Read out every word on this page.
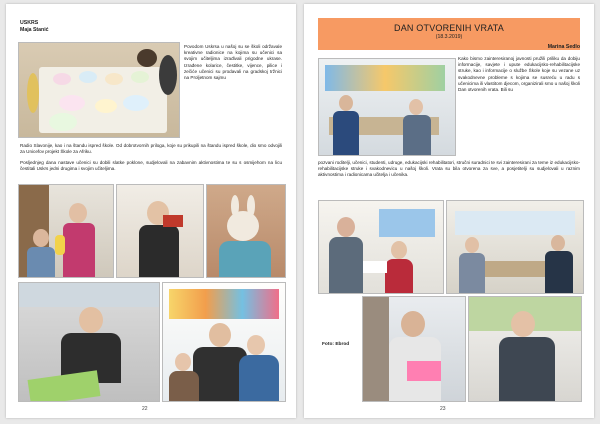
USKRS
Maja Stanić
Povodom Uskrsa u našoj su se školi održavale kreativne radionice na kojima su učenici sa svojim učiteljima izrađivali prigodne ukrase. Izrađene kolarice, čestitke, vijence, pilice i zečiće učenici su prodavali na gradskoj tržnici na Proljetnom sajmu
Radio Slavonije, kao i na štandu ispred škole. Od dobrotvornih priloga, koje su prikupili na štandu ispred škole, dio smo odvojili za Unicefov projekt Škole za Afriku.
Posljednjeg dana nastave učenici su dobili slatke poklone, sudjelovali na zabavnim aktivnostima te su s osmijehom na licu čestitali Uskrs jedni drugima i svojim učiteljima.
22
DAN OTVORENIH VRATA
(18.3.2019)
Marina Sedlo
Kako bismo zainteresiranoj javnosti pružili priliku da dobiju informacije, savjete i upute edukacijsko-rehabilitacijske struke, kao i informacije o službe Škole koje su vezane uz svakodnevne probleme s kojima se susreću u radu s učenicima ili vlastitom djecom, organizirali smo u našoj školi Dan otvorenih vrata. Bili su
pozvani roditelji, učenici, studenti, udruge, edukacijski rehabilitatori, stručni suradnici te svi zainteresirani za teme iz edukacijsko-rehabilitacijske struke i svakodnevicu u našoj školi. Vrata su bila otvorena za sve, a posjetitelji su sudjelovali u raznim aktivnostima i radionicama učitelja i učenika.
Foto: Ebrod
23
